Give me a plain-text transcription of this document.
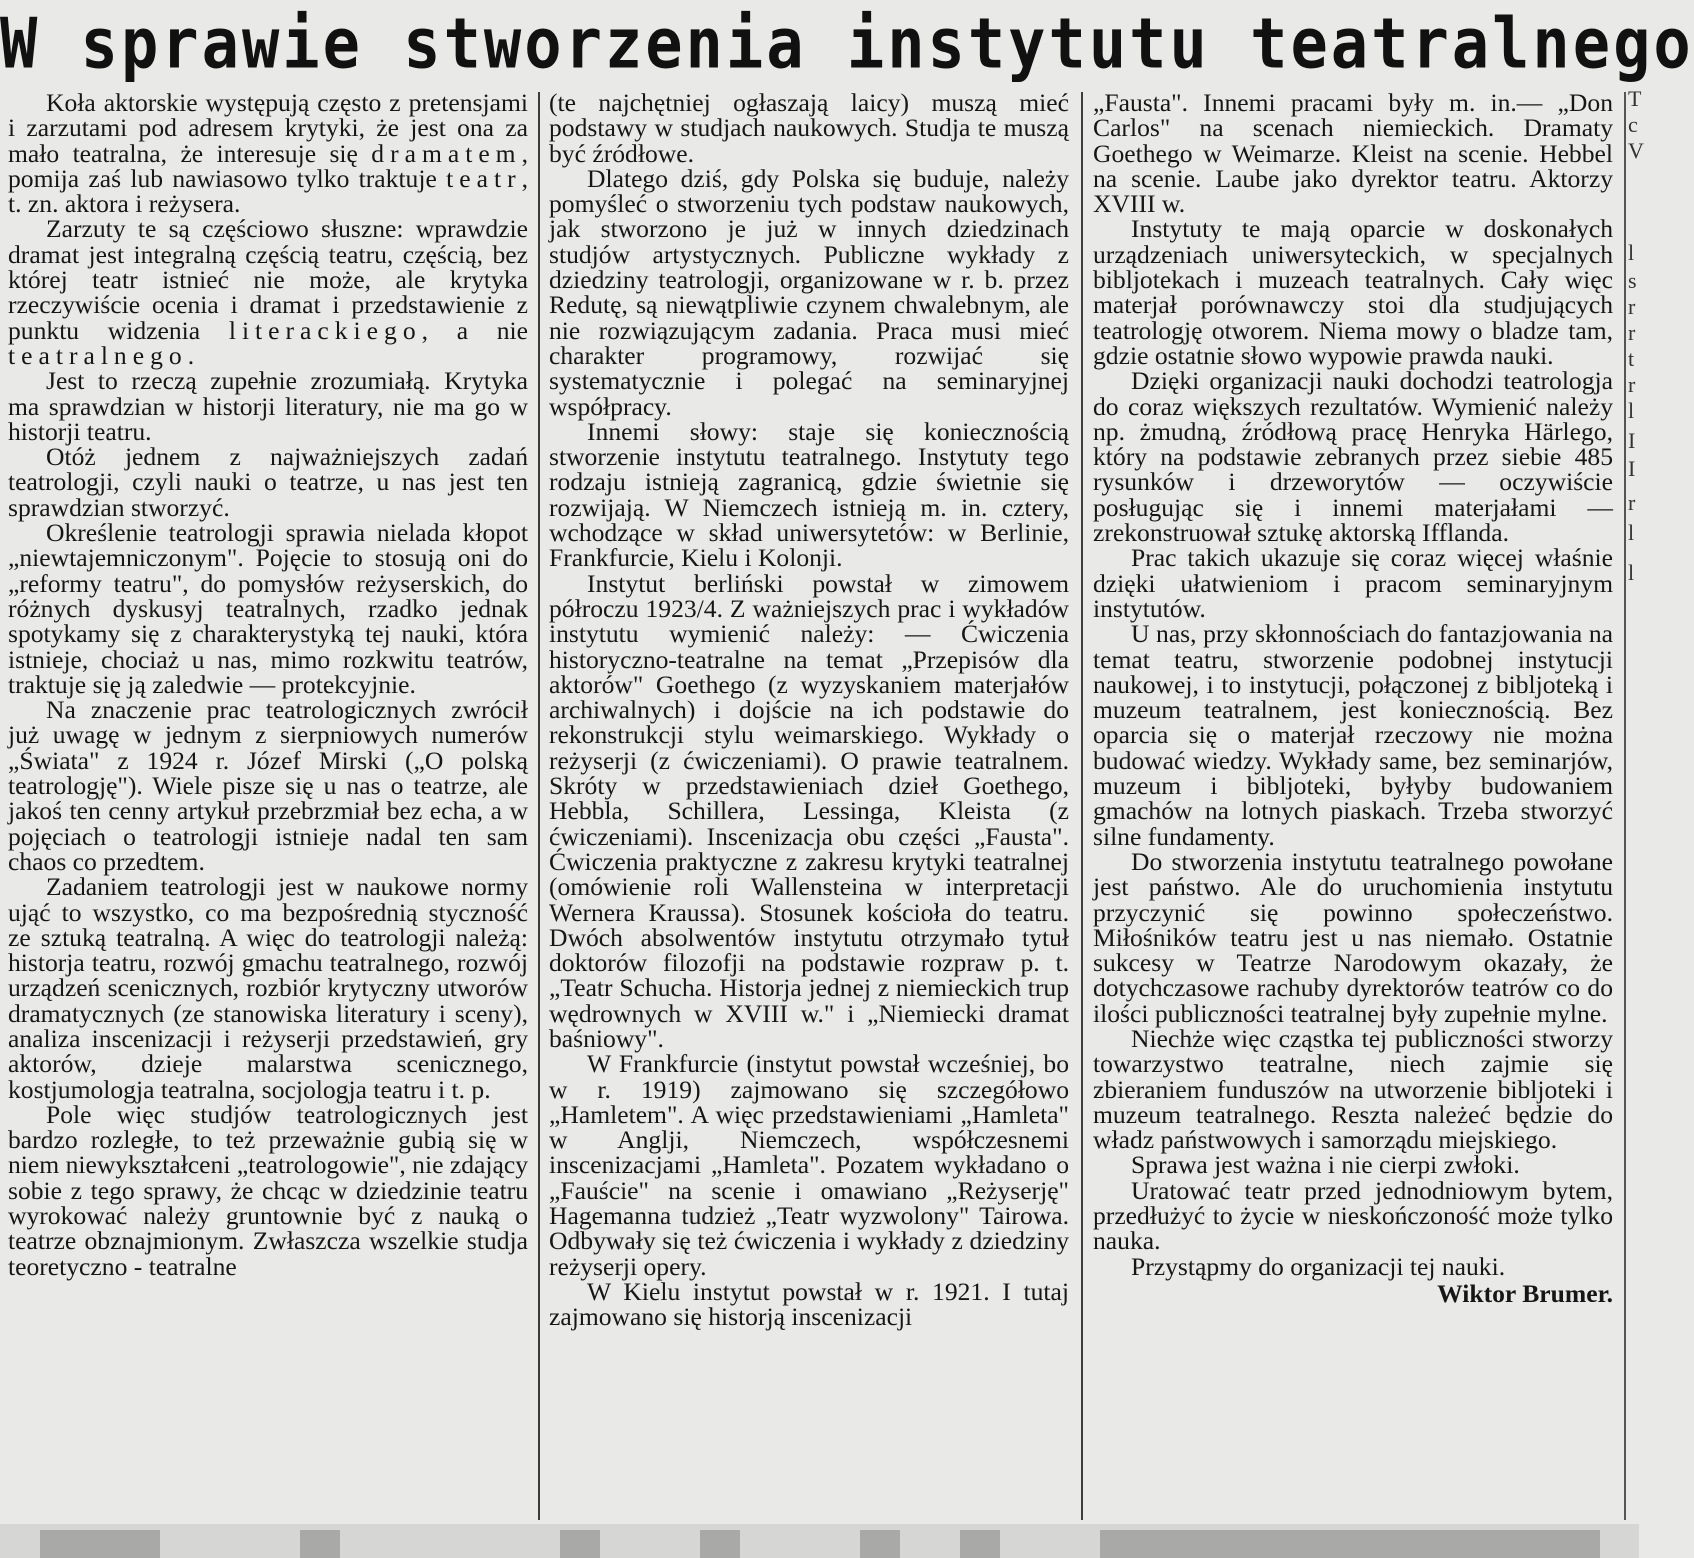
W sprawie stworzenia instytutu teatralnego

Koła aktorskie występują często z pretensjami i zarzutami pod adresem krytyki, że jest ona za mało teatralna, że interesuje się dramatem, pomija zaś lub nawiasowo tylko traktuje teatr, t. zn. aktora i reżysera.

Zarzuty te są częściowo słuszne: wprawdzie dramat jest integralną częścią teatru, częścią, bez której teatr istnieć nie może, ale krytyka rzeczywiście ocenia i dramat i przedstawienie z punktu widzenia literackiego, a nie teatralnego.

Jest to rzeczą zupełnie zrozumiałą. Krytyka ma sprawdzian w historji literatury, nie ma go w historji teatru.

Otóż jednem z najważniejszych zadań teatrologji, czyli nauki o teatrze, u nas jest ten sprawdzian stworzyć.

Określenie teatrologji sprawia nielada kłopot „niewtajemniczonym". Pojęcie to stosują oni do „reformy teatru", do pomysłów reżyserskich, do różnych dyskusyj teatralnych, rzadko jednak spotykamy się z charakterystyką tej nauki, która istnieje, chociaż u nas, mimo rozkwitu teatrów, traktuje się ją zaledwie — protekcyjnie.

Na znaczenie prac teatrologicznych zwrócił już uwagę w jednym z sierpniowych numerów „Świata" z 1924 r. Józef Mirski („O polską teatrologję"). Wiele pisze się u nas o teatrze, ale jakoś ten cenny artykuł przebrzmiał bez echa, a w pojęciach o teatrologji istnieje nadal ten sam chaos co przedtem.

Zadaniem teatrologji jest w naukowe normy ująć to wszystko, co ma bezpośrednią styczność ze sztuką teatralną. A więc do teatrologji należą: historja teatru, rozwój gmachu teatralnego, rozwój urządzeń scenicznych, rozbiór krytyczny utworów dramatycznych (ze stanowiska literatury i sceny), analiza inscenizacji i reżyserji przedstawień, gry aktorów, dzieje malarstwa scenicznego, kostjumologja teatralna, socjologja teatru i t. p.

Pole więc studjów teatrologicznych jest bardzo rozległe, to też przeważnie gubią się w niem niewykształceni „teatrologowie", nie zdający sobie z tego sprawy, że chcąc w dziedzinie teatru wyrokować należy gruntownie być z nauką o teatrze obznajmionym. Zwłaszcza wszelkie studja teoretyczno - teatralne

(te najchętniej ogłaszają laicy) muszą mieć podstawy w studjach naukowych. Studja te muszą być źródłowe.

Dlatego dziś, gdy Polska się buduje, należy pomyśleć o stworzeniu tych podstaw naukowych, jak stworzono je już w innych dziedzinach studjów artystycznych. Publiczne wykłady z dziedziny teatrologji, organizowane w r. b. przez Redutę, są niewątpliwie czynem chwalebnym, ale nie rozwiązującym zadania. Praca musi mieć charakter programowy, rozwijać się systematycznie i polegać na seminaryjnej współpracy.

Innemi słowy: staje się koniecznością stworzenie instytutu teatralnego. Instytuty tego rodzaju istnieją zagranicą, gdzie świetnie się rozwijają. W Niemczech istnieją m. in. cztery, wchodzące w skład uniwersytetów: w Berlinie, Frankfurcie, Kielu i Kolonji.

Instytut berliński powstał w zimowem półroczu 1923/4. Z ważniejszych prac i wykładów instytutu wymienić należy: — Ćwiczenia historyczno-teatralne na temat „Przepisów dla aktorów" Goethego (z wyzyskaniem materjałów archiwalnych) i dojście na ich podstawie do rekonstrukcji stylu weimarskiego. Wykłady o reżyserji (z ćwiczeniami). O prawie teatralnem. Skróty w przedstawieniach dzieł Goethego, Hebbla, Schillera, Lessinga, Kleista (z ćwiczeniami). Inscenizacja obu części „Fausta". Ćwiczenia praktyczne z zakresu krytyki teatralnej (omówienie roli Wallensteina w interpretacji Wernera Kraussa). Stosunek kościoła do teatru. Dwóch absolwentów instytutu otrzymało tytuł doktorów filozofji na podstawie rozpraw p. t. „Teatr Schucha. Historja jednej z niemieckich trup wędrownych w XVIII w." i „Niemiecki dramat baśniowy".

W Frankfurcie (instytut powstał wcześniej, bo w r. 1919) zajmowano się szczegółowo „Hamletem". A więc przedstawieniami „Hamleta" w Anglji, Niemczech, współczesnemi inscenizacjami „Hamleta". Pozatem wykładano o „Fauście" na scenie i omawiano „Reżyserję" Hagemanna tudzież „Teatr wyzwolony" Tairowa. Odbywały się też ćwiczenia i wykłady z dziedziny reżyserji opery.

W Kielu instytut powstał w r. 1921. I tutaj zajmowano się historją inscenizacji

„Fausta". Innemi pracami były m. in.— „Don Carlos" na scenach niemieckich. Dramaty Goethego w Weimarze. Kleist na scenie. Hebbel na scenie. Laube jako dyrektor teatru. Aktorzy XVIII w.

Instytuty te mają oparcie w doskonałych urządzeniach uniwersyteckich, w specjalnych bibljotekach i muzeach teatralnych. Cały więc materjał porównawczy stoi dla studjujących teatrologję otworem. Niema mowy o bladze tam, gdzie ostatnie słowo wypowie prawda nauki.

Dzięki organizacji nauki dochodzi teatrologja do coraz większych rezultatów. Wymienić należy np. żmudną, źródłową pracę Henryka Härlego, który na podstawie zebranych przez siebie 485 rysunków i drzeworytów — oczywiście posługując się i innemi materjałami — zrekonstruował sztukę aktorską Ifflanda.

Prac takich ukazuje się coraz więcej właśnie dzięki ułatwieniom i pracom seminaryjnym instytutów.

U nas, przy skłonnościach do fantazjowania na temat teatru, stworzenie podobnej instytucji naukowej, i to instytucji, połączonej z bibljoteką i muzeum teatralnem, jest koniecznością. Bez oparcia się o materjał rzeczowy nie można budować wiedzy. Wykłady same, bez seminarjów, muzeum i bibljoteki, byłyby budowaniem gmachów na lotnych piaskach. Trzeba stworzyć silne fundamenty.

Do stworzenia instytutu teatralnego powołane jest państwo. Ale do uruchomienia instytutu przyczynić się powinno społeczeństwo. Miłośników teatru jest u nas niemało. Ostatnie sukcesy w Teatrze Narodowym okazały, że dotychczasowe rachuby dyrektorów teatrów co do ilości publiczności teatralnej były zupełnie mylne.

Niechże więc cząstka tej publiczności stworzy towarzystwo teatralne, niech zajmie się zbieraniem funduszów na utworzenie bibljoteki i muzeum teatralnego. Reszta należeć będzie do władz państwowych i samorządu miejskiego.

Sprawa jest ważna i nie cierpi zwłoki.

Uratować teatr przed jednodniowym bytem, przedłużyć to życie w nieskończoność może tylko nauka.

Przystąpmy do organizacji tej nauki.

Wiktor Brumer.

T
c
V
l
s
r
r
t
r
l
I
I
r
l
l
